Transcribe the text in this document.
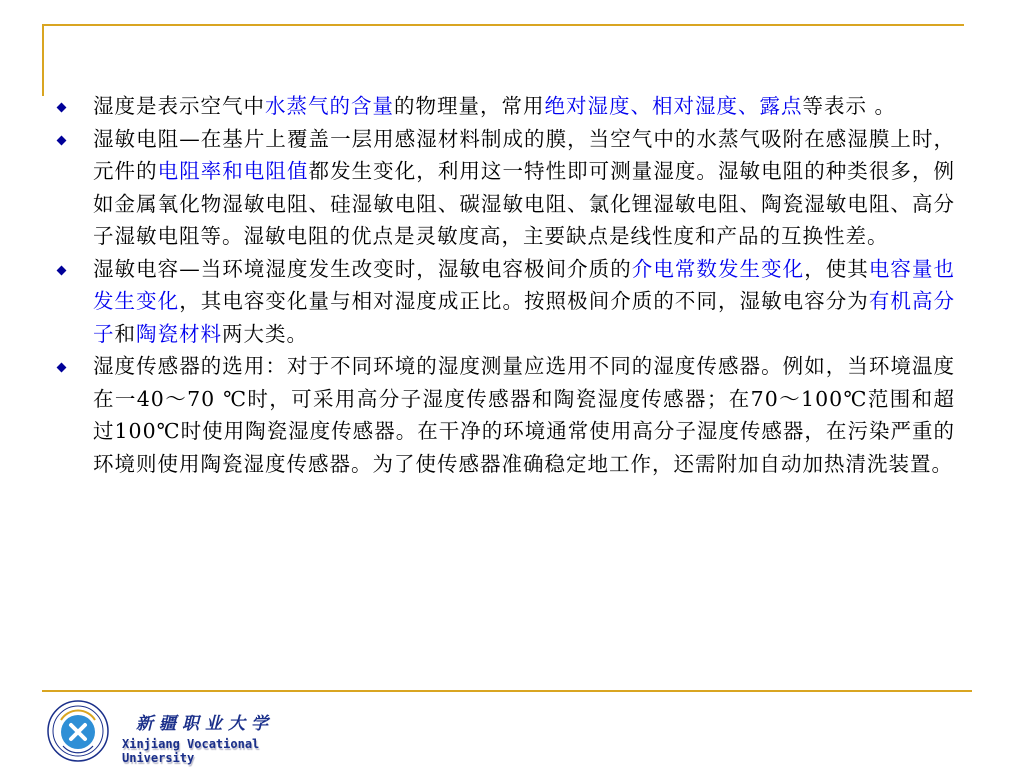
湿度是表示空气中水蒸气的含量的物理量，常用绝对湿度、相对湿度、露点等表示 。
湿敏电阻—在基片上覆盖一层用感湿材料制成的膜，当空气中的水蒸气吸附在感湿膜上时，元件的电阻率和电阻值都发生变化，利用这一特性即可测量湿度。湿敏电阻的种类很多，例如金属氧化物湿敏电阻、硅湿敏电阻、碳湿敏电阻、氯化锂湿敏电阻、陶瓷湿敏电阻、高分子湿敏电阻等。湿敏电阻的优点是灵敏度高，主要缺点是线性度和产品的互换性差。
湿敏电容—当环境湿度发生改变时，湿敏电容极间介质的介电常数发生变化，使其电容量也发生变化，其电容变化量与相对湿度成正比。按照极间介质的不同，湿敏电容分为有机高分子和陶瓷材料两大类。
湿度传感器的选用：对于不同环境的湿度测量应选用不同的湿度传感器。例如，当环境温度在一40～70 ℃时，可采用高分子湿度传感器和陶瓷湿度传感器；在70～100℃范围和超过100℃时使用陶瓷湿度传感器。在干净的环境通常使用高分子湿度传感器，在污染严重的环境则使用陶瓷湿度传感器。为了使传感器准确稳定地工作，还需附加自动加热清洗装置。
新疆职业大学
Xinjiang Vocational University
